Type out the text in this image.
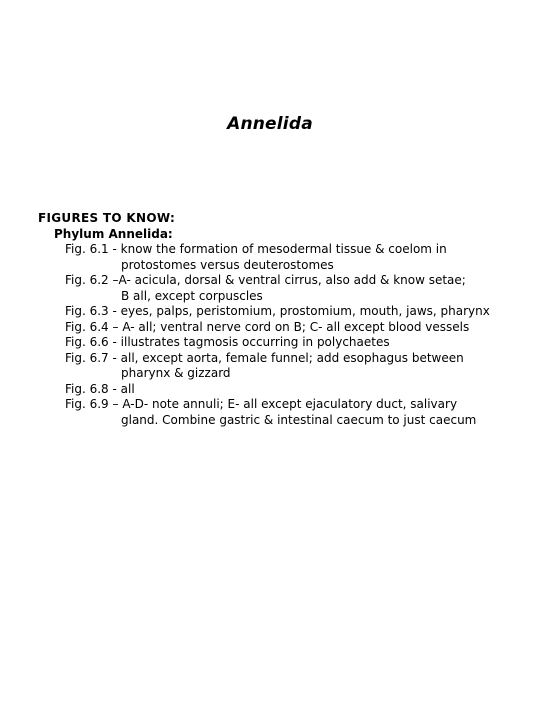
Annelida
FIGURES TO KNOW:
Phylum Annelida:
Fig. 6.1 - know the formation of mesodermal tissue & coelom in
protostomes versus deuterostomes
Fig. 6.2 –A- acicula, dorsal & ventral cirrus, also add & know setae;
B all, except corpuscles
Fig. 6.3 - eyes, palps, peristomium, prostomium, mouth, jaws, pharynx
Fig. 6.4 – A- all; ventral nerve cord on B; C- all except blood vessels
Fig. 6.6 - illustrates tagmosis occurring in polychaetes
Fig. 6.7 - all, except aorta, female funnel; add esophagus between
pharynx & gizzard
Fig. 6.8 - all
Fig. 6.9 – A-D- note annuli; E- all except ejaculatory duct, salivary
gland. Combine gastric & intestinal caecum to just caecum
